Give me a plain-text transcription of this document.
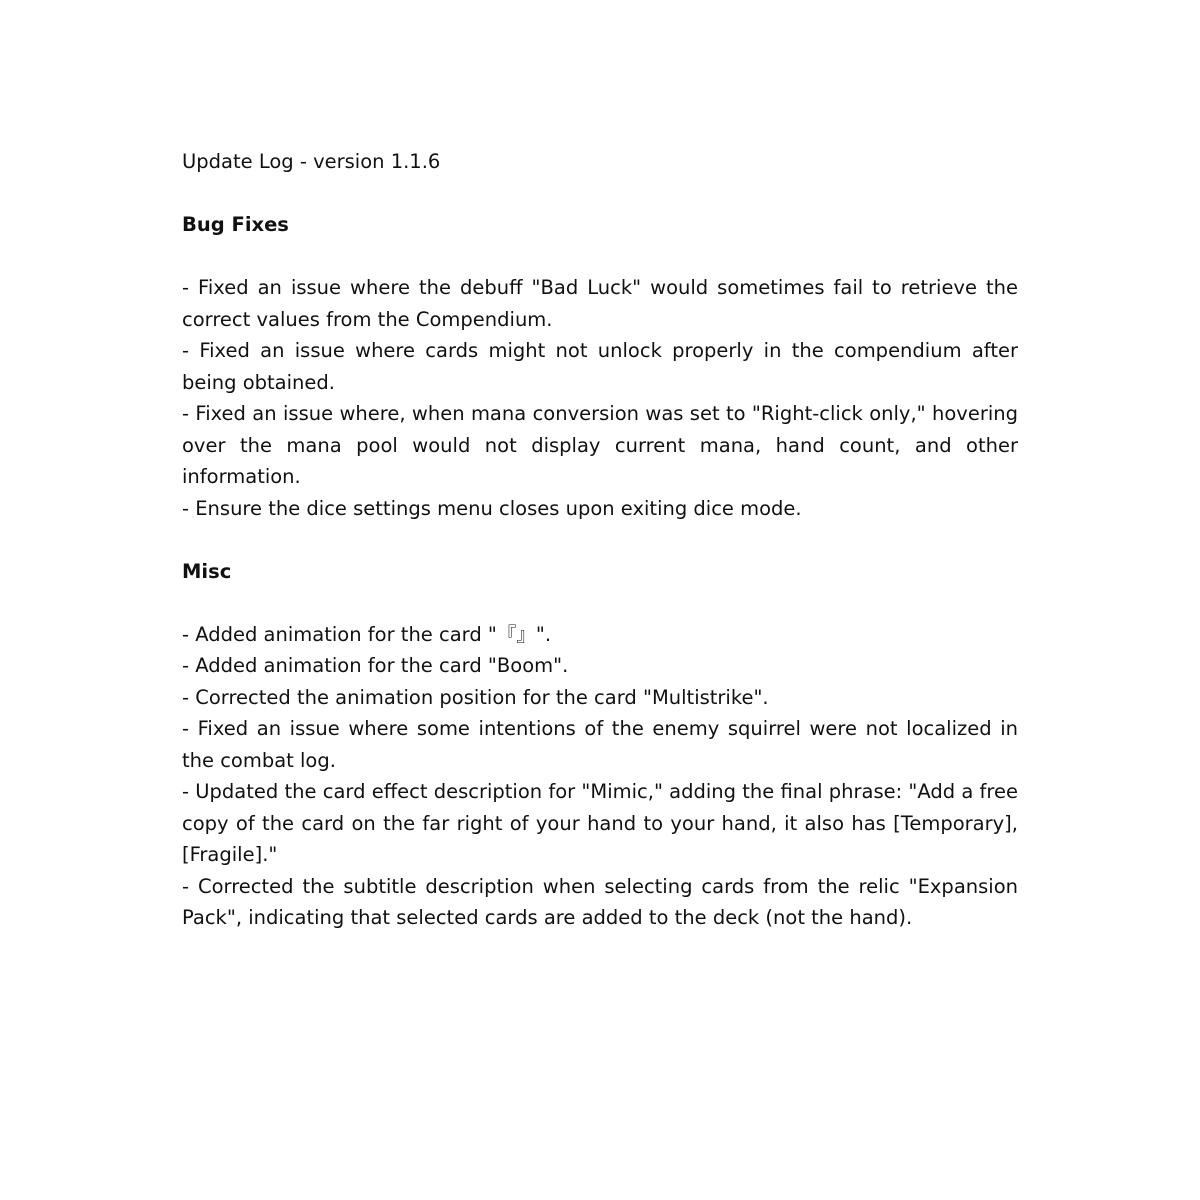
Update Log - version 1.1.6

Bug Fixes

- Fixed an issue where the debuff "Bad Luck" would sometimes fail to retrieve the correct values from the Compendium.

- Fixed an issue where cards might not unlock properly in the compendium after being obtained.

- Fixed an issue where, when mana conversion was set to "Right-click only," hovering over the mana pool would not display current mana, hand count, and other information.

- Ensure the dice settings menu closes upon exiting dice mode.

Misc

- Added animation for the card "『』".

- Added animation for the card "Boom".

- Corrected the animation position for the card "Multistrike".

- Fixed an issue where some intentions of the enemy squirrel were not localized in the combat log.

- Updated the card effect description for "Mimic," adding the final phrase: "Add a free copy of the card on the far right of your hand to your hand, it also has [Temporary], [Fragile]."

- Corrected the subtitle description when selecting cards from the relic "Expansion Pack", indicating that selected cards are added to the deck (not the hand).
